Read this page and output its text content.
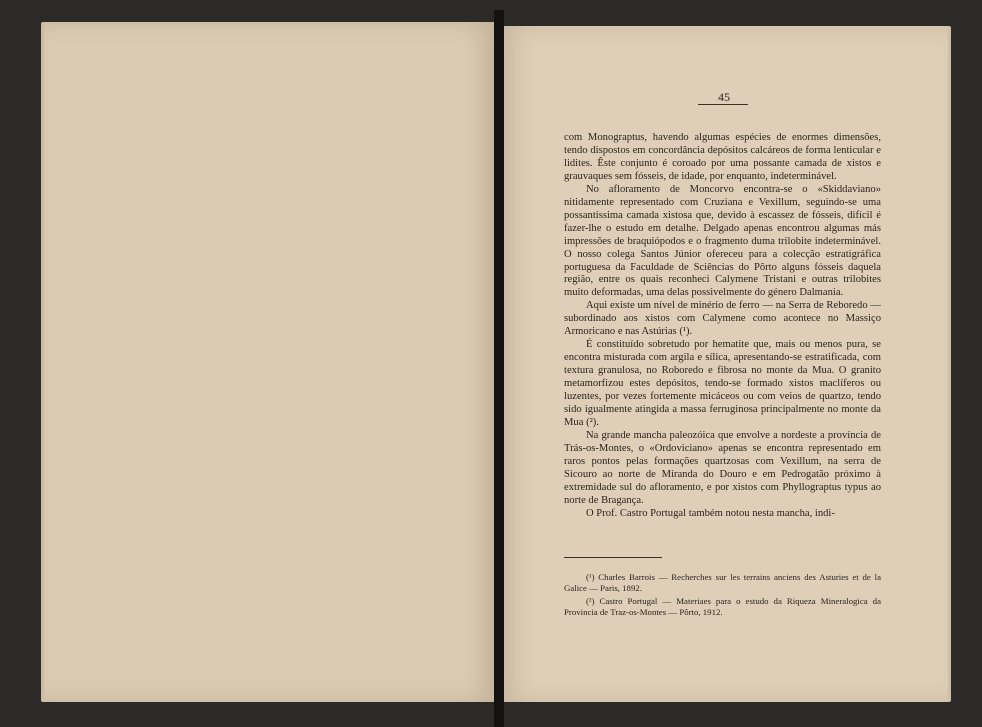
45

com Monograptus, havendo algumas espécies de enormes dimensões, tendo dispostos em concordância depósitos calcáreos de forma lenticular e lidites. Êste conjunto é coroado por uma possante camada de xistos e grauvaques sem fósseis, de idade, por enquanto, indeterminável.

No afloramento de Moncorvo encontra-se o «Skiddaviano» nitidamente representado com Cruziana e Vexillum, seguindo-se uma possantíssima camada xistosa que, devido à escassez de fósseis, difícil é fazer-lhe o estudo em detalhe. Delgado apenas encontrou algumas más impressões de braquiópodos e o fragmento duma trilobite indeterminável. O nosso colega Santos Júnior ofereceu para a colecção estratigráfica portuguesa da Faculdade de Sciências do Pôrto alguns fósseis daquela região, entre os quais reconheci Calymene Tristani e outras trilobites muito deformadas, uma delas possìvelmente do género Dalmania.

Aqui existe um nível de minério de ferro — na Serra de Reboredo — subordinado aos xistos com Calymene como acontece no Massiço Armoricano e nas Astúrias (¹).

É constituído sobretudo por hematite que, mais ou menos pura, se encontra misturada com argila e sílica, apresentando-se estratificada, com textura granulosa, no Roboredo e fibrosa no monte da Mua. O granito metamorfizou estes depósitos, tendo-se formado xistos maclíferos ou luzentes, por vezes fortemente micáceos ou com veios de quartzo, tendo sido igualmente atingida a massa ferruginosa principalmente no monte da Mua (²).

Na grande mancha paleozóica que envolve a nordeste a província de Trás-os-Montes, o «Ordoviciano» apenas se encontra representado em raros pontos pelas formações quartzosas com Vexillum, na serra de Sicouro ao norte de Miranda do Douro e em Pedrogatão próximo à extremidade sul do afloramento, e por xistos com Phyllograptus typus ao norte de Bragança.

O Prof. Castro Portugal também notou nesta mancha, indi-

(¹) Charles Barrois — Recherches sur les terrains anciens des Asturies et de la Galice — Paris, 1892.

(²) Castro Portugal — Materiaes para o estudo da Riqueza Mineralogica da Provincia de Traz-os-Montes — Pôrto, 1912.
